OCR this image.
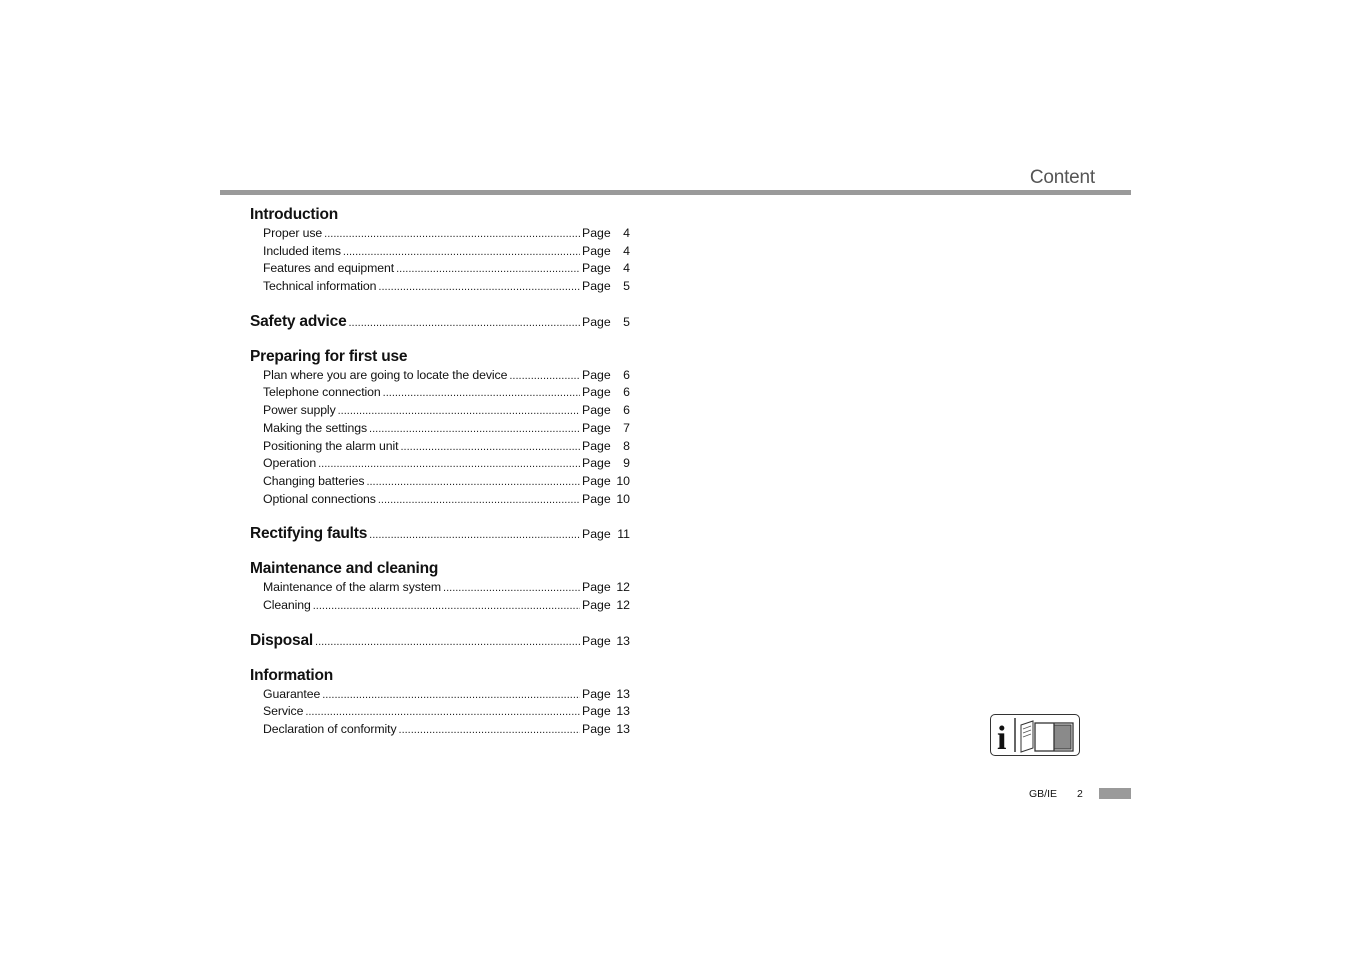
Content
Introduction
Proper use .....	Page	4
Included items .....	Page	4
Features and equipment .....	Page	4
Technical information .....	Page	5
Safety advice .....	Page	5
Preparing for first use
Plan where you are going to locate the device .....	Page	6
Telephone connection .....	Page	6
Power supply .....	Page	6
Making the settings .....	Page	7
Positioning the alarm unit .....	Page	8
Operation .....	Page	9
Changing batteries .....	Page 10
Optional connections .....	Page 10
Rectifying faults .....	Page 11
Maintenance and cleaning
Maintenance of the alarm system .....	Page 12
Cleaning .....	Page 12
Disposal .....	Page 13
Information
Guarantee .....	Page 13
Service .....	Page 13
Declaration of conformity .....	Page 13	i
GB/IE 2
